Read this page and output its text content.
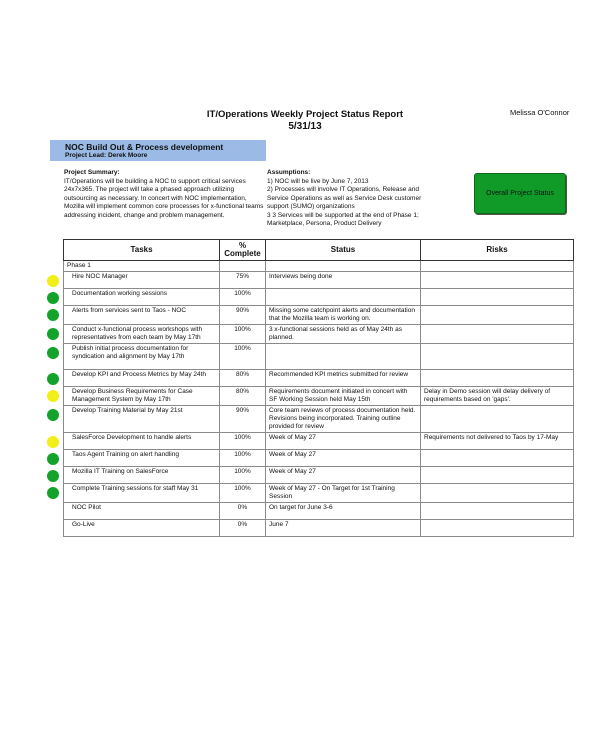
IT/Operations Weekly Project Status Report
5/31/13
Melissa O'Connor
NOC Build Out & Process development
Project Lead: Derek Moore
Project Summary:
IT/Operations will be building a NOC to support critical services 24x7x365. The project will take a phased approach utilizing outsourcing as necessary. In concert with NOC implementation, Mozilla will implement common core processes for x-functional teams addressing incident, change and problem management.
Assumptions:
1) NOC will be live by June 7, 2013
2) Processes will involve IT Operations, Release and Service Operations as well as Service Desk customer support (SUMO) organizations
3 3 Services will be supported at the end of Phase 1; Marketplace, Persona, Product Delivery
Overall Project Status
Tasks	% Complete	Status	Risks
Phase 1			
Hire NOC Manager	75%	Interviews being done	
Documentation working sessions	100%		
Alerts from services sent to Taos - NOC	90%	Missing some catchpoint alerts and documentation that the Mozilla team is working on.	
Conduct x-functional process workshops with representatives from each team by May 17th	100%	3 x-functional sessions held as of May 24th as planned.	
Publish initial process documentation for syndication and alignment by May 17th	100%		
Develop KPI and Process Metrics by May 24th	80%	Recommended KPI metrics submitted for review	
Develop Business Requirements for Case Management System by May 17th	80%	Requirements document initiated in concert with SF Working Session held May 15th	Delay in Demo session will delay delivery of requirements based on 'gaps'.
Develop Training Material by May 21st	90%	Core team reviews of process documentation held. Revisions being incorporated. Training outline provided for review	
SalesForce Development to handle alerts	100%	Week of May 27	Requirements not delivered to Taos by 17-May
Taos Agent Training on alert handling	100%	Week of May 27	
Mozilla IT Training on SalesForce	100%	Week of May 27	
Complete Training sessions for staff May 31	100%	Week of May 27 - On Target for 1st Training Session	
NOC Pilot	0%	On target for June 3-6	
Go-Live	0%	June 7	
